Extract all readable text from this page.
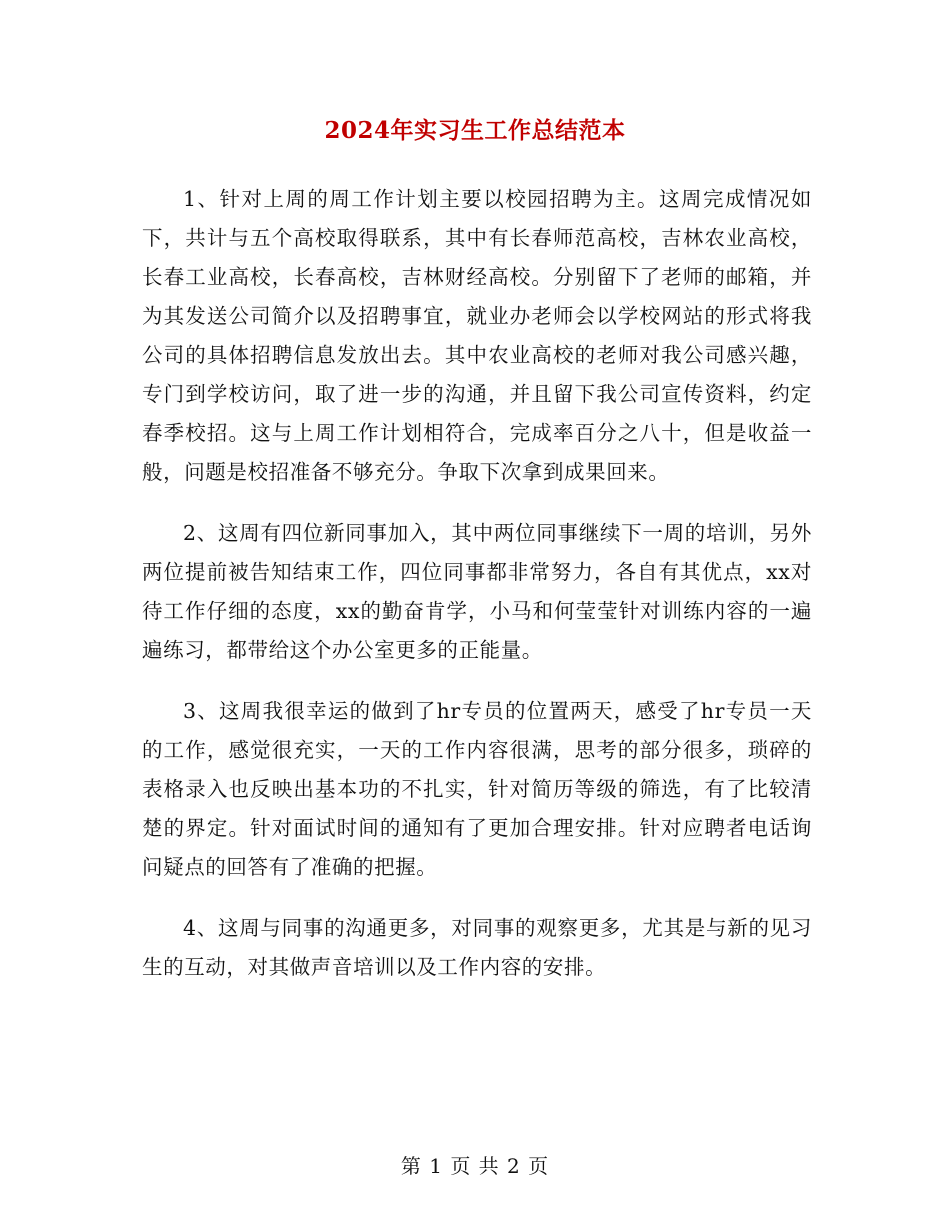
2024年实习生工作总结范本

1、针对上周的周工作计划主要以校园招聘为主。这周完成情况如下，共计与五个高校取得联系，其中有长春师范高校，吉林农业高校，长春工业高校，长春高校，吉林财经高校。分别留下了老师的邮箱，并为其发送公司简介以及招聘事宜，就业办老师会以学校网站的形式将我公司的具体招聘信息发放出去。其中农业高校的老师对我公司感兴趣，专门到学校访问，取了进一步的沟通，并且留下我公司宣传资料，约定春季校招。这与上周工作计划相符合，完成率百分之八十，但是收益一般，问题是校招准备不够充分。争取下次拿到成果回来。

2、这周有四位新同事加入，其中两位同事继续下一周的培训，另外两位提前被告知结束工作，四位同事都非常努力，各自有其优点，xx对待工作仔细的态度，xx的勤奋肯学，小马和何莹莹针对训练内容的一遍遍练习，都带给这个办公室更多的正能量。

3、这周我很幸运的做到了hr专员的位置两天，感受了hr专员一天的工作，感觉很充实，一天的工作内容很满，思考的部分很多，琐碎的表格录入也反映出基本功的不扎实，针对简历等级的筛选，有了比较清楚的界定。针对面试时间的通知有了更加合理安排。针对应聘者电话询问疑点的回答有了准确的把握。

4、这周与同事的沟通更多，对同事的观察更多，尤其是与新的见习生的互动，对其做声音培训以及工作内容的安排。

第 1 页 共 2 页
